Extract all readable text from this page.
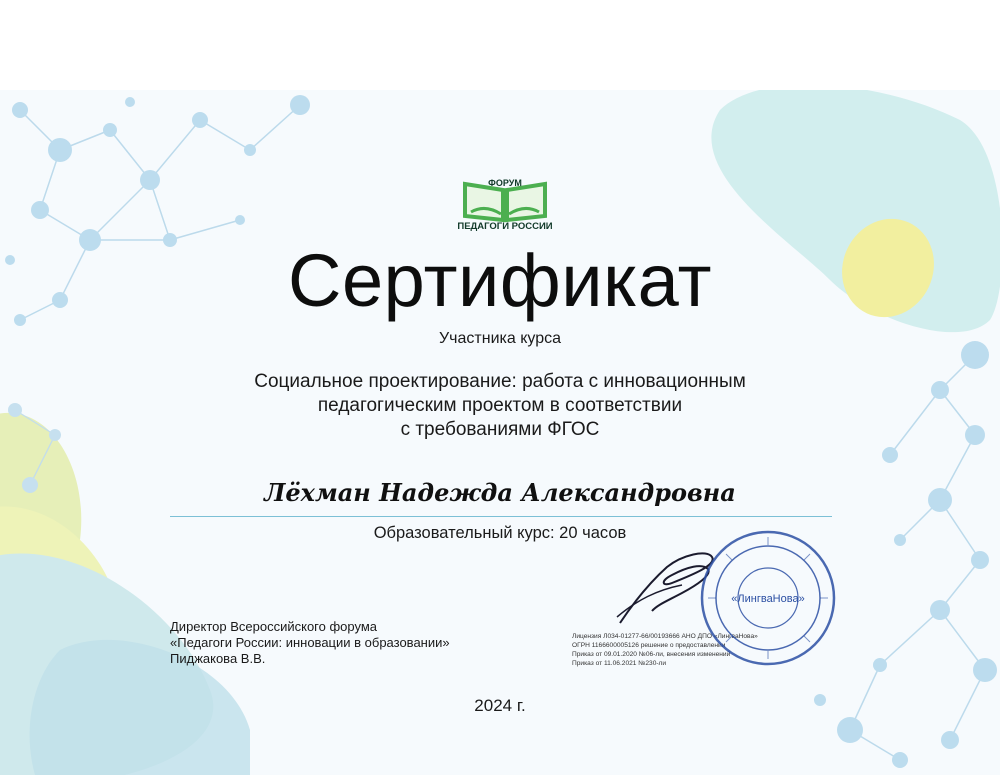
ФОРУМ
ПЕДАГОГИ РОССИИ
Сертификат
Участника курса
Социальное проектирование: работа с инновационным
педагогическим проектом в соответствии
с требованиями ФГОС
Лёхман Надежда Александровна
Образовательный курс: 20 часов
Директор Всероссийского форума
«Педагоги России: инновации в образовании»
Пиджакова В.В.
Лицензия Л034-01277-66/00193666 АНО ДПО «ЛингваНова»
ОГРН 1166600005126 решение о предоставлении
Приказ от 09.01.2020 №06-ли, внесения изменений
Приказ от 11.06.2021 №230-ли
«ЛингваНова»
2024 г.
